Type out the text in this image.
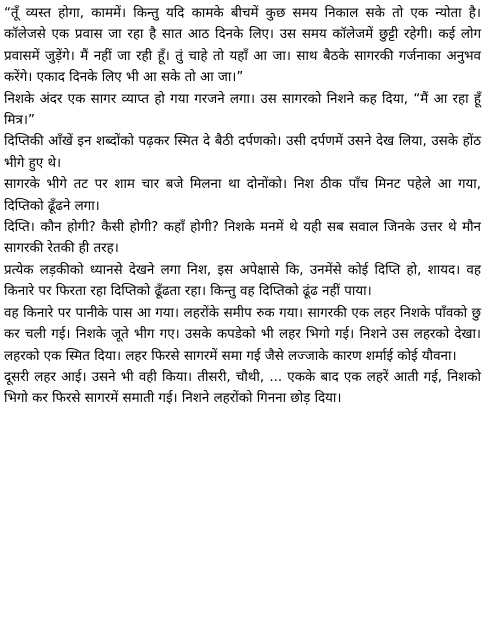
“तूँ व्यस्त होगा, काममें। किन्तु यदि कामके बीचमें कुछ समय निकाल सके तो एक न्योता है। कॉलेजसे एक प्रवास जा रहा है सात आठ दिनके लिए। उस समय कॉलेजमें छुट्टी रहेगी। कई लोग प्रवासमें जुड़ेंगे। मैं नहीं जा रही हूँ। तुं चाहे तो यहाँ आ जा। साथ बैठके सागरकी गर्जनाका अनुभव करेंगे। एकाद दिनके लिए भी आ सके तो आ जा।”

निशके अंदर एक सागर व्याप्त हो गया गरजने लगा। उस सागरको निशने कह दिया, “मैं आ रहा हूँ मित्र।”

दिप्तिकी आँखें इन शब्दोंको पढ़कर स्मित दे बैठी दर्पणको। उसी दर्पणमें उसने देख लिया, उसके होंठ भीगे हुए थे।

सागरके भीगे तट पर शाम चार बजे मिलना था दोनोंको। निश ठीक पाँच मिनट पहेले आ गया, दिप्तिको ढूँढने लगा।

दिप्ति। कौन होगी? कैसी होगी? कहाँ होगी? निशके मनमें थे यही सब सवाल जिनके उत्तर थे मौन सागरकी रेतकी ही तरह।

प्रत्येक लड़कीको ध्यानसे देखने लगा निश, इस अपेक्षासे कि, उनमेंसे कोई दिप्ति हो, शायद। वह किनारे पर फिरता रहा दिप्तिको ढूँढता रहा। किन्तु वह दिप्तिको ढूंढ नहीं पाया।

वह किनारे पर पानीके पास आ गया। लहरोंके समीप रुक गया। सागरकी एक लहर निशके पाँवको छु कर चली गई। निशके जूते भीग गए। उसके कपडेको भी लहर भिगो गई। निशने उस लहरको देखा। लहरको एक स्मित दिया। लहर फिरसे सागरमें समा गई जैसे लज्जाके कारण शर्माई कोई यौवना।

दूसरी लहर आई। उसने भी वही किया। तीसरी, चौथी, ... एकके बाद एक लहरें आती गई, निशको भिगो कर फिरसे सागरमें समाती गई। निशने लहरोंको गिनना छोड़ दिया।
